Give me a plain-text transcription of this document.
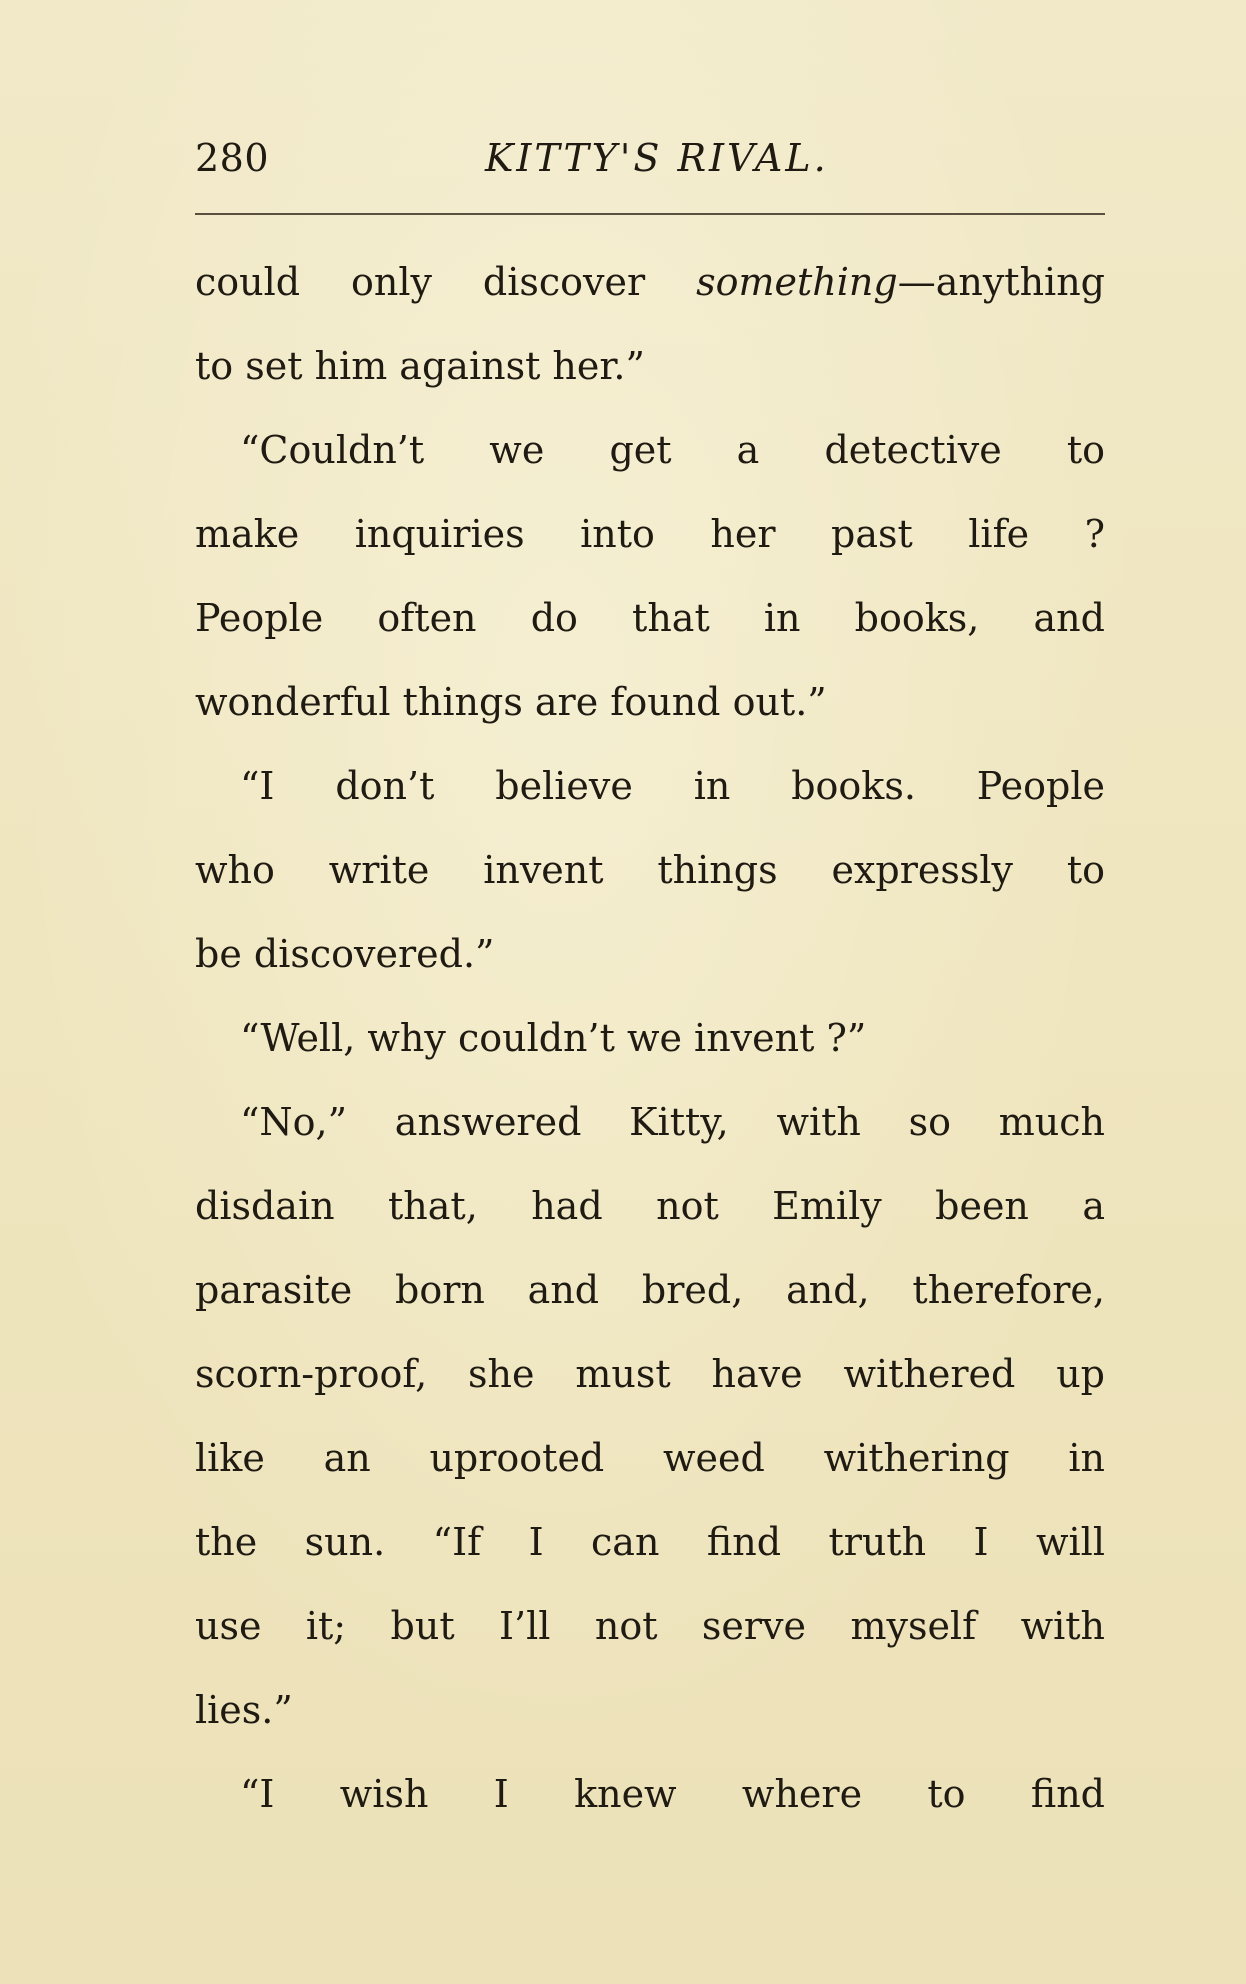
280	KITTY'S RIVAL.
could only discover something—anything
to set him against her.”
“Couldn’t we get a detective to
make inquiries into her past life ?
People often do that in books, and
wonderful things are found out.”
“I don’t believe in books. People
who write invent things expressly to
be discovered.”
“Well, why couldn’t we invent ?”
“No,” answered Kitty, with so much
disdain that, had not Emily been a
parasite born and bred, and, therefore,
scorn-proof, she must have withered up
like an uprooted weed withering in
the sun. “If I can find truth I will
use it; but I’ll not serve myself with
lies.”
“I wish I knew where to find
